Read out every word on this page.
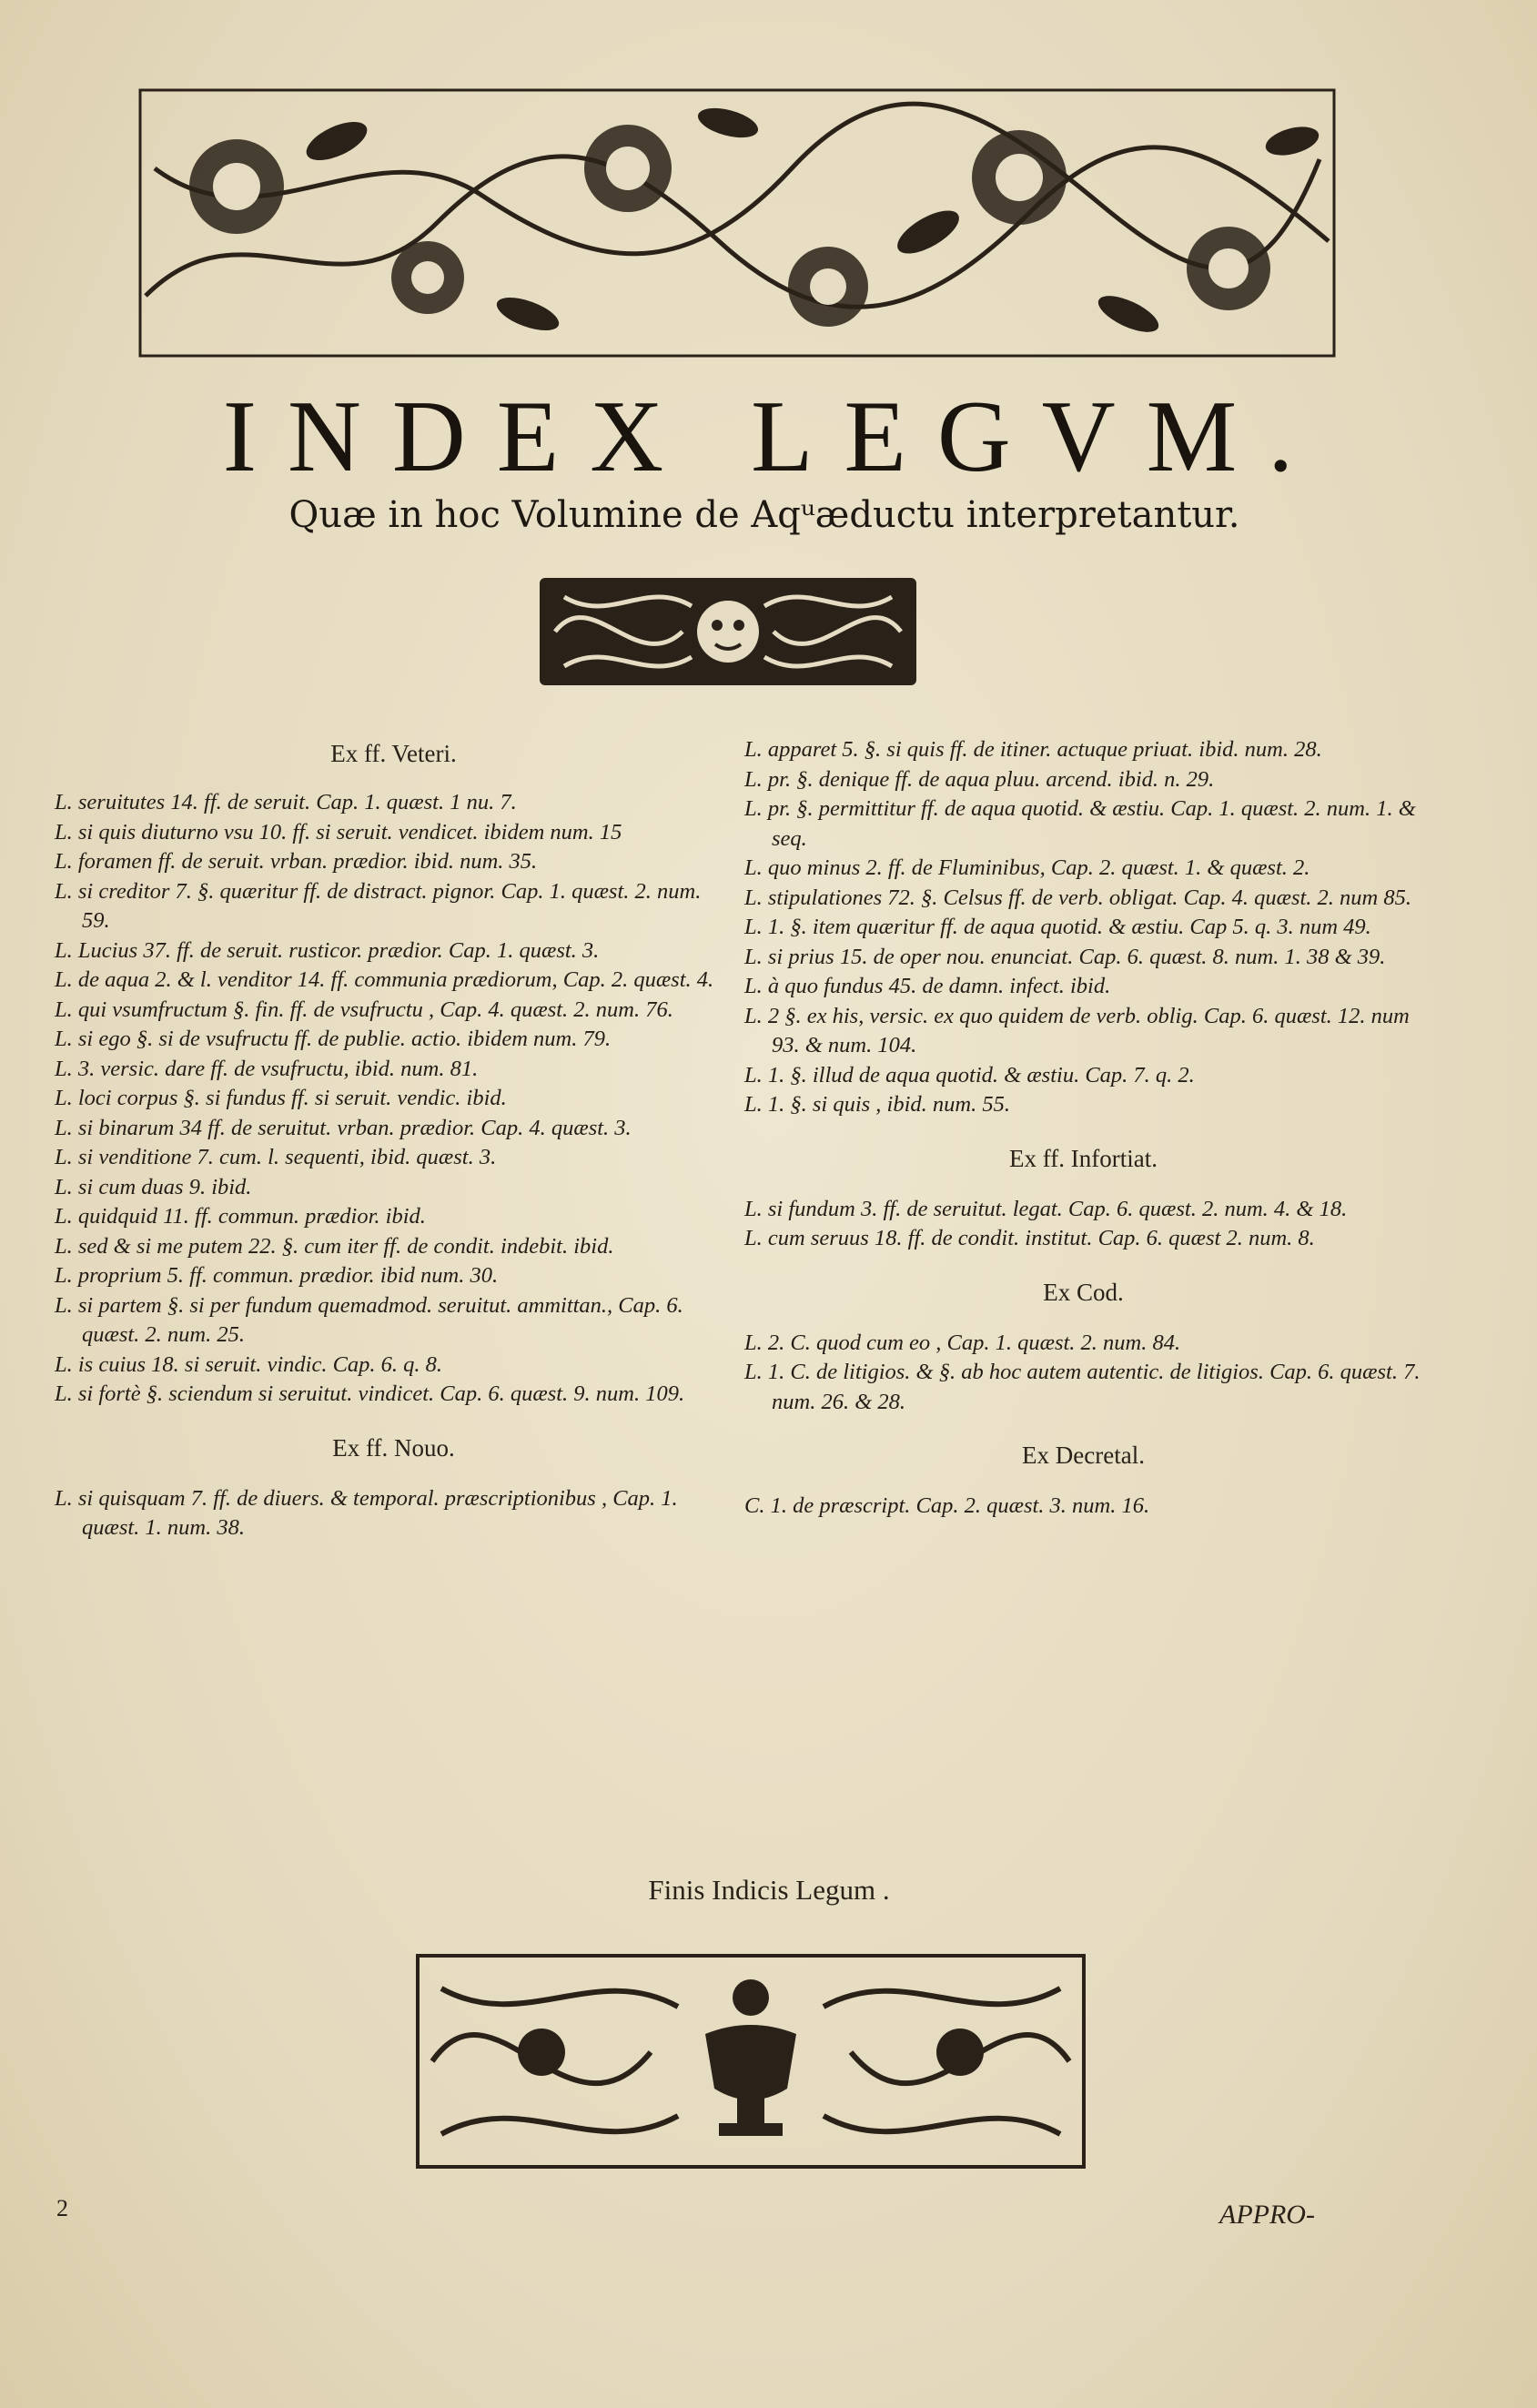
INDEX LEGVM.
Quæ in hoc Volumine de Aqᵘæductu interpretantur.
Ex ff. Veteri.
L. seruitutes 14. ff. de seruit. Cap. 1. quæst. 1 nu. 7.
L. si quis diuturno vsu 10. ff. si seruit. vendicet. ibidem num. 15
L. foramen ff. de seruit. vrban. prædior. ibid. num. 35.
L. si creditor 7. §. quæritur ff. de distract. pignor. Cap. 1. quæst. 2. num. 59.
L. Lucius 37. ff. de seruit. rusticor. prædior. Cap. 1. quæst. 3.
L. de aqua 2. & l. venditor 14. ff. communia prædiorum, Cap. 2. quæst. 4.
L. qui vsumfructum §. fin. ff. de vsufructu , Cap. 4. quæst. 2. num. 76.
L. si ego §. si de vsufructu ff. de publie. actio. ibidem num. 79.
L. 3. versic. dare ff. de vsufructu, ibid. num. 81.
L. loci corpus §. si fundus ff. si seruit. vendic. ibid.
L. si binarum 34 ff. de seruitut. vrban. prædior. Cap. 4. quæst. 3.
L. si venditione 7. cum. l. sequenti, ibid. quæst. 3.
L. si cum duas 9. ibid.
L. quidquid 11. ff. commun. prædior. ibid.
L. sed & si me putem 22. §. cum iter ff. de condit. indebit. ibid.
L. proprium 5. ff. commun. prædior. ibid num. 30.
L. si partem §. si per fundum quemadmod. seruitut. ammittan., Cap. 6. quæst. 2. num. 25.
L. is cuius 18. si seruit. vindic. Cap. 6. q. 8.
L. si fortè §. sciendum si seruitut. vindicet. Cap. 6. quæst. 9. num. 109.
Ex ff. Nouo.
L. si quisquam 7. ff. de diuers. & temporal. præscriptionibus , Cap. 1. quæst. 1. num. 38.
L. apparet 5. §. si quis ff. de itiner. actuque priuat. ibid. num. 28.
L. pr. §. denique ff. de aqua pluu. arcend. ibid. n. 29.
L. pr. §. permittitur ff. de aqua quotid. & æstiu. Cap. 1. quæst. 2. num. 1. & seq.
L. quo minus 2. ff. de Fluminibus, Cap. 2. quæst. 1. & quæst. 2.
L. stipulationes 72. §. Celsus ff. de verb. obligat. Cap. 4. quæst. 2. num 85.
L. 1. §. item quæritur ff. de aqua quotid. & æstiu. Cap 5. q. 3. num 49.
L. si prius 15. de oper nou. enunciat. Cap. 6. quæst. 8. num. 1. 38 & 39.
L. à quo fundus 45. de damn. infect. ibid.
L. 2 §. ex his, versic. ex quo quidem de verb. oblig. Cap. 6. quæst. 12. num 93. & num. 104.
L. 1. §. illud de aqua quotid. & æstiu. Cap. 7. q. 2.
L. 1. §. si quis , ibid. num. 55.
Ex ff. Infortiat.
L. si fundum 3. ff. de seruitut. legat. Cap. 6. quæst. 2. num. 4. & 18.
L. cum seruus 18. ff. de condit. institut. Cap. 6. quæst 2. num. 8.
Ex Cod.
L. 2. C. quod cum eo , Cap. 1. quæst. 2. num. 84.
L. 1. C. de litigios. & §. ab hoc autem autentic. de litigios. Cap. 6. quæst. 7. num. 26. & 28.
Ex Decretal.
C. 1. de præscript. Cap. 2. quæst. 3. num. 16.
Finis Indicis Legum .
2	APPRO-
